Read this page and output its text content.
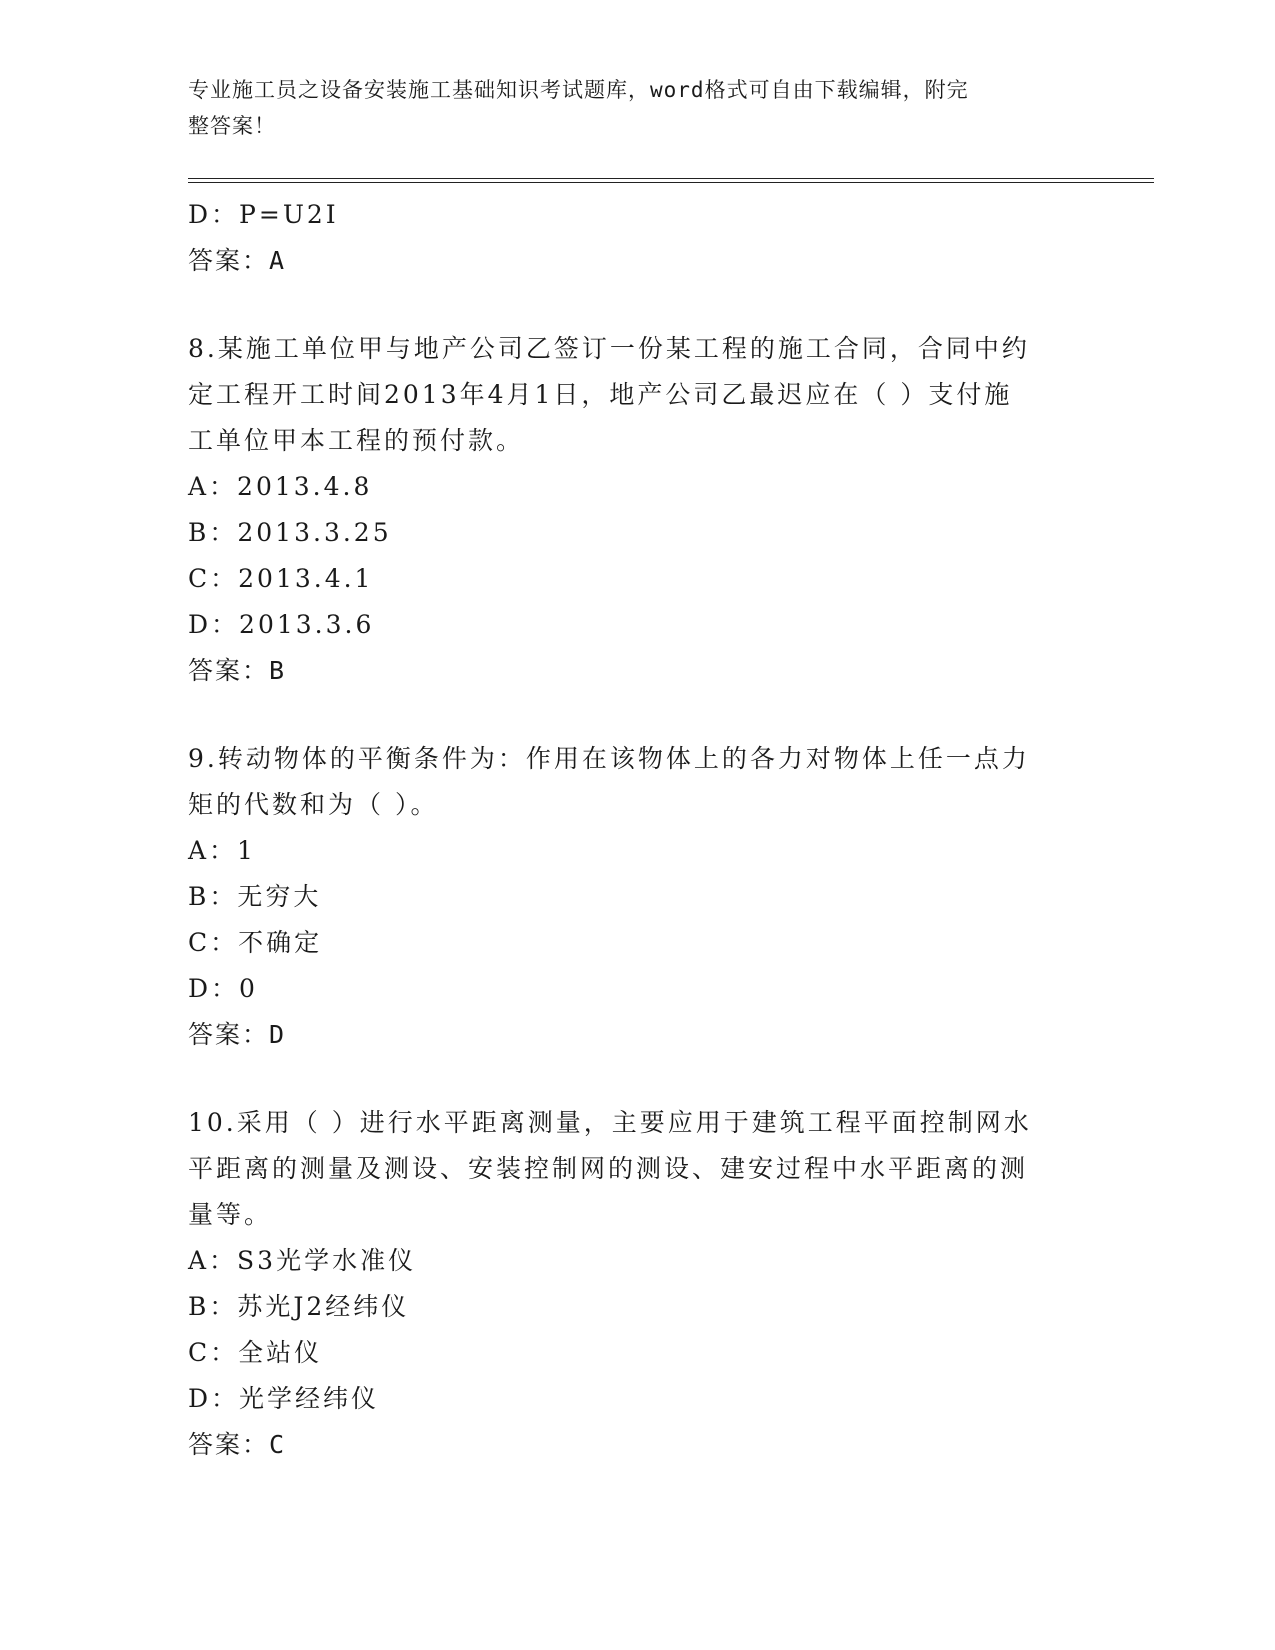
专业施工员之设备安装施工基础知识考试题库，word格式可自由下载编辑，附完
整答案！
D：P=U2I
答案：A
8.某施工单位甲与地产公司乙签订一份某工程的施工合同，合同中约
定工程开工时间2013年4月1日，地产公司乙最迟应在（ ）支付施
工单位甲本工程的预付款。
A：2013.4.8
B：2013.3.25
C：2013.4.1
D：2013.3.6
答案：B
9.转动物体的平衡条件为：作用在该物体上的各力对物体上任一点力
矩的代数和为（ ）。
A：1
B：无穷大
C：不确定
D：0
答案：D
10.采用（ ）进行水平距离测量，主要应用于建筑工程平面控制网水
平距离的测量及测设、安装控制网的测设、建安过程中水平距离的测
量等。
A：S3光学水准仪
B：苏光J2经纬仪
C：全站仪
D：光学经纬仪
答案：C
